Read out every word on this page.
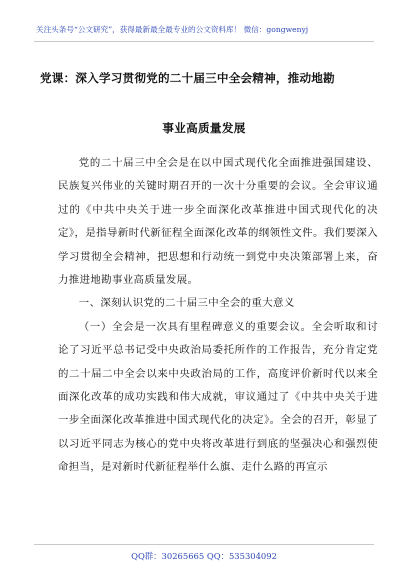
关注头条号“公文研究”，获得最新最全最专业的公文资料库！ 微信：gongwenyj
党课：深入学习贯彻党的二十届三中全会精神，推动地勘
事业高质量发展

党的二十届三中全会是在以中国式现代化全面推进强国建设、民族复兴伟业的关键时期召开的一次十分重要的会议。全会审议通过的《中共中央关于进一步全面深化改革推进中国式现代化的决定》，是指导新时代新征程全面深化改革的纲领性文件。我们要深入学习贯彻全会精神，把思想和行动统一到党中央决策部署上来，奋力推进地勘事业高质量发展。

一、深刻认识党的二十届三中全会的重大意义

（一）全会是一次具有里程碑意义的重要会议。全会听取和讨论了习近平总书记受中央政治局委托所作的工作报告，充分肯定党的二十届二中全会以来中央政治局的工作，高度评价新时代以来全面深化改革的成功实践和伟大成就，审议通过了《中共中央关于进一步全面深化改革推进中国式现代化的决定》。全会的召开，彰显了以习近平同志为核心的党中央将改革进行到底的坚强决心和强烈使命担当，是对新时代新征程举什么旗、走什么路的再宣示

QQ群：30265665 QQ：535304092
